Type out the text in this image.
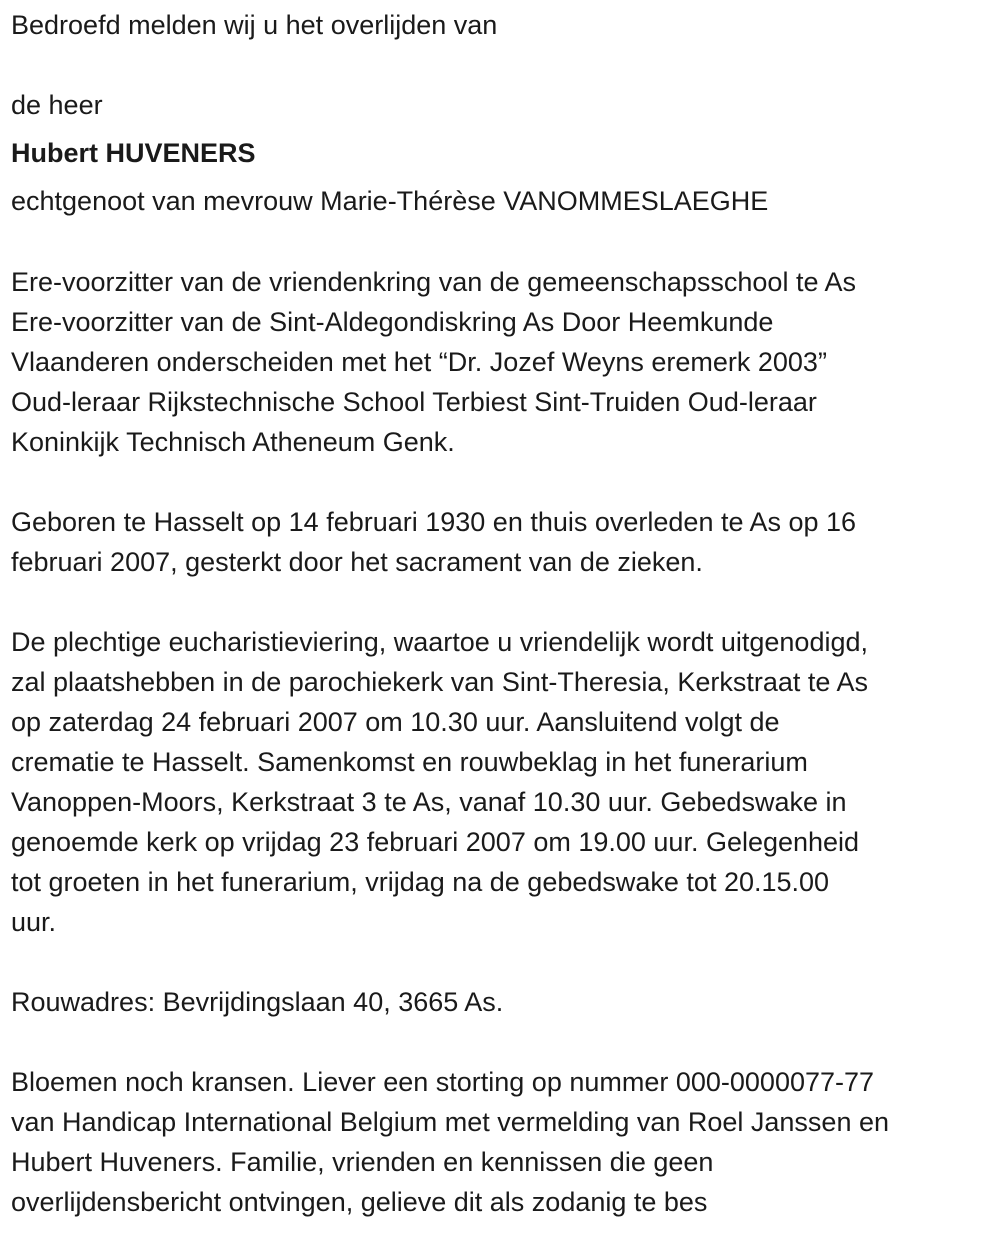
Bedroefd melden wij u het overlijden van
de heer
Hubert HUVENERS
echtgenoot van mevrouw Marie-Thérèse VANOMMESLAEGHE
Ere-voorzitter van de vriendenkring van de gemeenschapsschool te As
Ere-voorzitter van de Sint-Aldegondiskring As Door Heemkunde
Vlaanderen onderscheiden met het “Dr. Jozef Weyns eremerk 2003”
Oud-leraar Rijkstechnische School Terbiest Sint-Truiden Oud-leraar
Koninkijk Technisch Atheneum Genk.
Geboren te Hasselt op 14 februari 1930 en thuis overleden te As op 16
februari 2007, gesterkt door het sacrament van de zieken.
De plechtige eucharistieviering, waartoe u vriendelijk wordt uitgenodigd,
zal plaatshebben in de parochiekerk van Sint-Theresia, Kerkstraat te As
op zaterdag 24 februari 2007 om 10.30 uur. Aansluitend volgt de
crematie te Hasselt. Samenkomst en rouwbeklag in het funerarium
Vanoppen-Moors, Kerkstraat 3 te As, vanaf 10.30 uur. Gebedswake in
genoemde kerk op vrijdag 23 februari 2007 om 19.00 uur. Gelegenheid
tot groeten in het funerarium, vrijdag na de gebedswake tot 20.15.00
uur.
Rouwadres: Bevrijdingslaan 40, 3665 As.
Bloemen noch kransen. Liever een storting op nummer 000-0000077-77
van Handicap International Belgium met vermelding van Roel Janssen en
Hubert Huveners. Familie, vrienden en kennissen die geen
overlijdensbericht ontvingen, gelieve dit als zodanig te bes
